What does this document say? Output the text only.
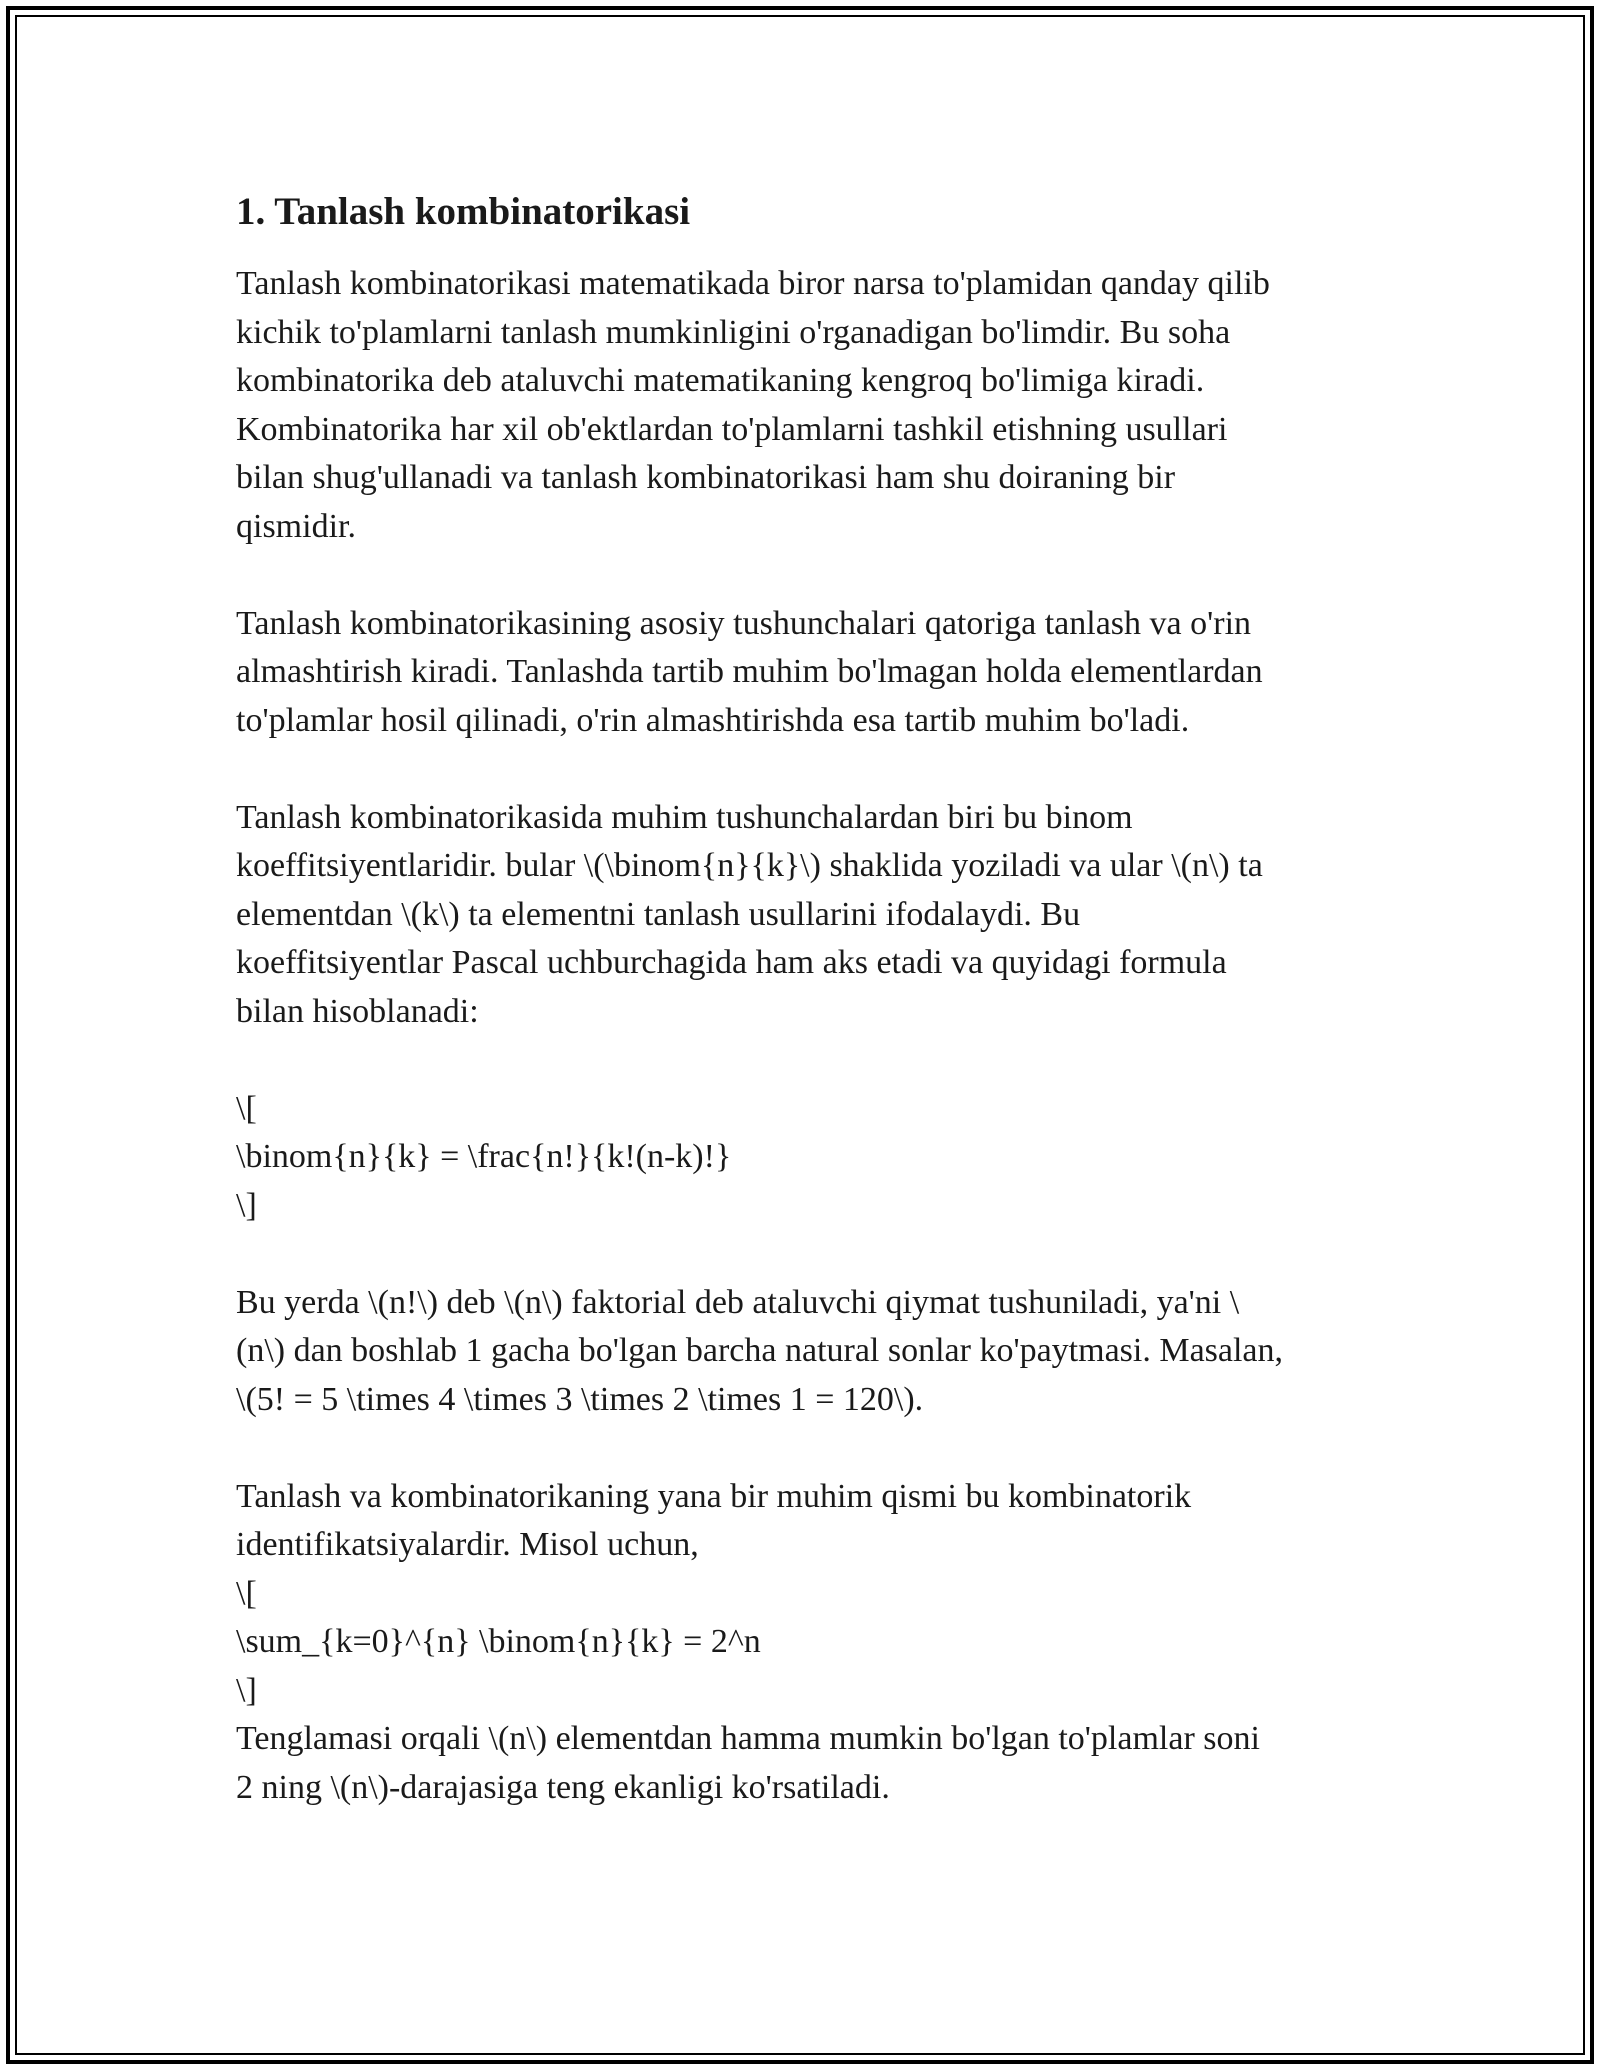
1. Tanlash kombinatorikasi

Tanlash kombinatorikasi matematikada biror narsa to'plamidan qanday qilib
kichik to'plamlarni tanlash mumkinligini o'rganadigan bo'limdir. Bu soha
kombinatorika deb ataluvchi matematikaning kengroq bo'limiga kiradi.
Kombinatorika har xil ob'ektlardan to'plamlarni tashkil etishning usullari
bilan shug'ullanadi va tanlash kombinatorikasi ham shu doiraning bir
qismidir.

Tanlash kombinatorikasining asosiy tushunchalari qatoriga tanlash va o'rin
almashtirish kiradi. Tanlashda tartib muhim bo'lmagan holda elementlardan
to'plamlar hosil qilinadi, o'rin almashtirishda esa tartib muhim bo'ladi.

Tanlash kombinatorikasida muhim tushunchalardan biri bu binom
koeffitsiyentlaridir. bular \(\binom{n}{k}\) shaklida yoziladi va ular \(n\) ta
elementdan \(k\) ta elementni tanlash usullarini ifodalaydi. Bu
koeffitsiyentlar Pascal uchburchagida ham aks etadi va quyidagi formula
bilan hisoblanadi:

\[
\binom{n}{k} = \frac{n!}{k!(n-k)!}
\]

Bu yerda \(n!\) deb \(n\) faktorial deb ataluvchi qiymat tushuniladi, ya'ni \
(n\) dan boshlab 1 gacha bo'lgan barcha natural sonlar ko'paytmasi. Masalan,
\(5! = 5 \times 4 \times 3 \times 2 \times 1 = 120\).

Tanlash va kombinatorikaning yana bir muhim qismi bu kombinatorik
identifikatsiyalardir. Misol uchun,
\[
\sum_{k=0}^{n} \binom{n}{k} = 2^n
\]
Tenglamasi orqali \(n\) elementdan hamma mumkin bo'lgan to'plamlar soni
2 ning \(n\)-darajasiga teng ekanligi ko'rsatiladi.
